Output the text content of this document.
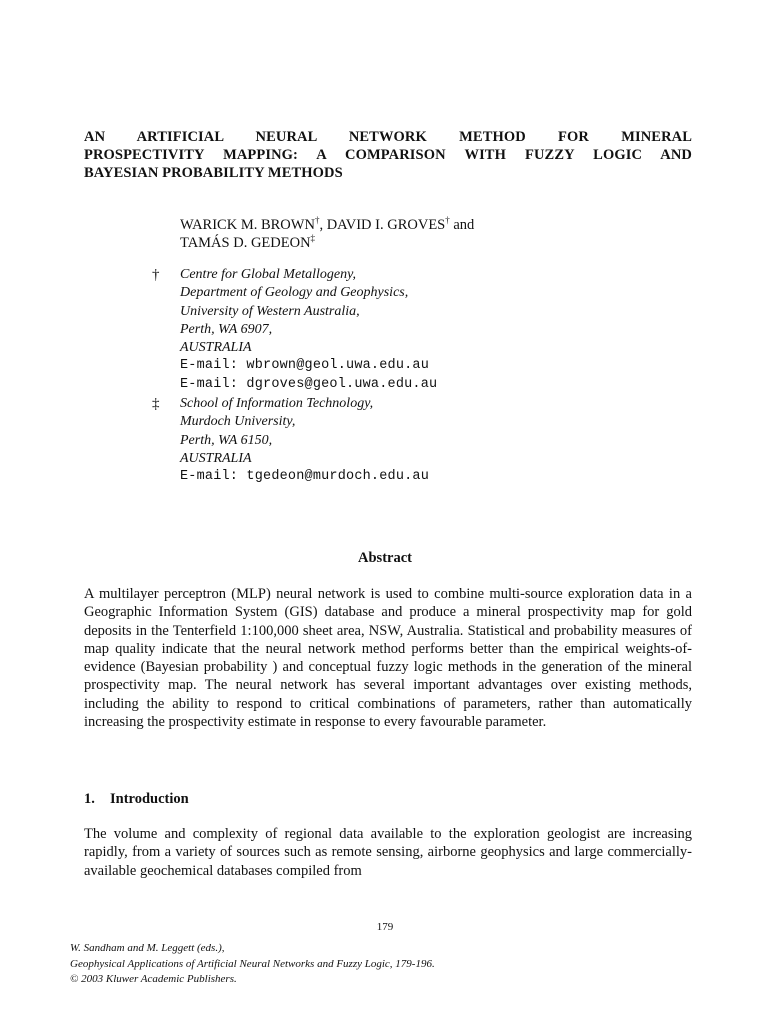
AN ARTIFICIAL NEURAL NETWORK METHOD FOR MINERAL
PROSPECTIVITY MAPPING: A COMPARISON WITH FUZZY LOGIC AND
BAYESIAN PROBABILITY METHODS
WARICK M. BROWN†, DAVID I. GROVES† and
TAMÁS D. GEDEON‡
† Centre for Global Metallogeny,
Department of Geology and Geophysics,
University of Western Australia,
Perth, WA 6907,
AUSTRALIA
E-mail: wbrown@geol.uwa.edu.au
E-mail: dgroves@geol.uwa.edu.au
‡ School of Information Technology,
Murdoch University,
Perth, WA 6150,
AUSTRALIA
E-mail: tgedeon@murdoch.edu.au
Abstract
A multilayer perceptron (MLP) neural network is used to combine multi-source exploration data in a Geographic Information System (GIS) database and produce a mineral prospectivity map for gold deposits in the Tenterfield 1:100,000 sheet area, NSW, Australia. Statistical and probability measures of map quality indicate that the neural network method performs better than the empirical weights-of-evidence (Bayesian probability ) and conceptual fuzzy logic methods in the generation of the mineral prospectivity map. The neural network has several important advantages over existing methods, including the ability to respond to critical combinations of parameters, rather than automatically increasing the prospectivity estimate in response to every favourable parameter.
1. Introduction
The volume and complexity of regional data available to the exploration geologist are increasing rapidly, from a variety of sources such as remote sensing, airborne geophysics and large commercially-available geochemical databases compiled from
179
W. Sandham and M. Leggett (eds.),
Geophysical Applications of Artificial Neural Networks and Fuzzy Logic, 179-196.
© 2003 Kluwer Academic Publishers.
